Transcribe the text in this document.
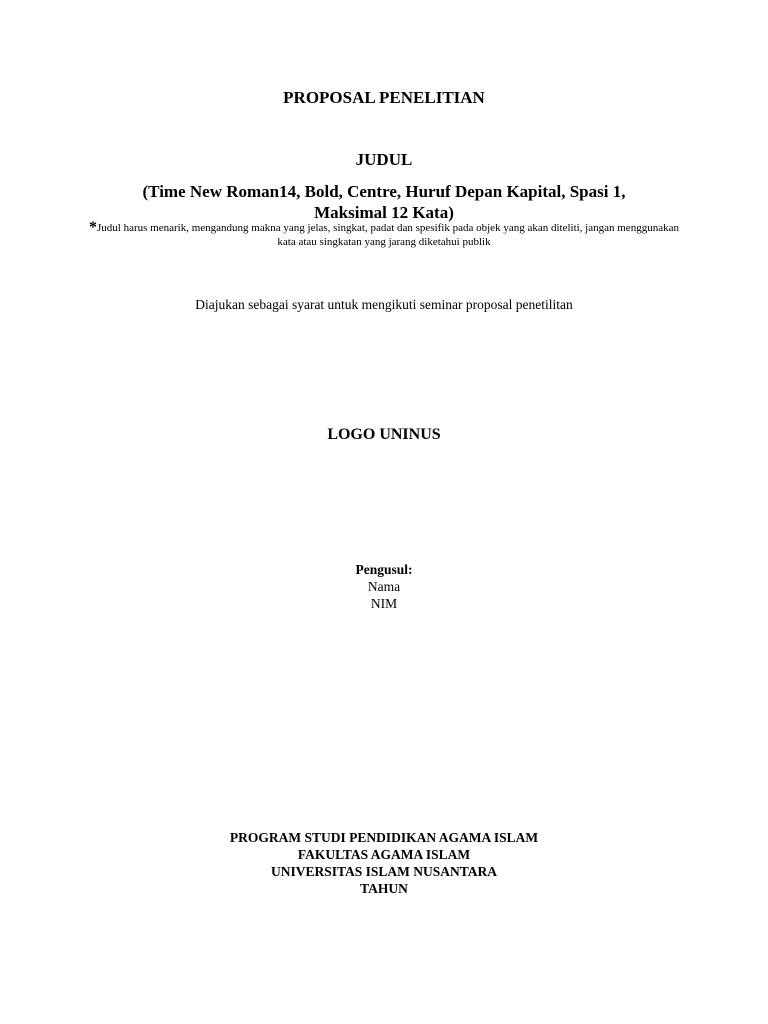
PROPOSAL PENELITIAN

JUDUL

(Time New Roman14, Bold, Centre, Huruf Depan Kapital, Spasi 1, Maksimal 12 Kata)

*Judul harus menarik, mengandung makna yang jelas, singkat, padat dan spesifik pada objek yang akan diteliti, jangan menggunakan kata atau singkatan yang jarang diketahui publik

Diajukan sebagai syarat untuk mengikuti seminar proposal penetilitan

LOGO UNINUS

Pengusul:

Nama

NIM

PROGRAM STUDI PENDIDIKAN AGAMA ISLAM
FAKULTAS AGAMA ISLAM
UNIVERSITAS ISLAM NUSANTARA
TAHUN
